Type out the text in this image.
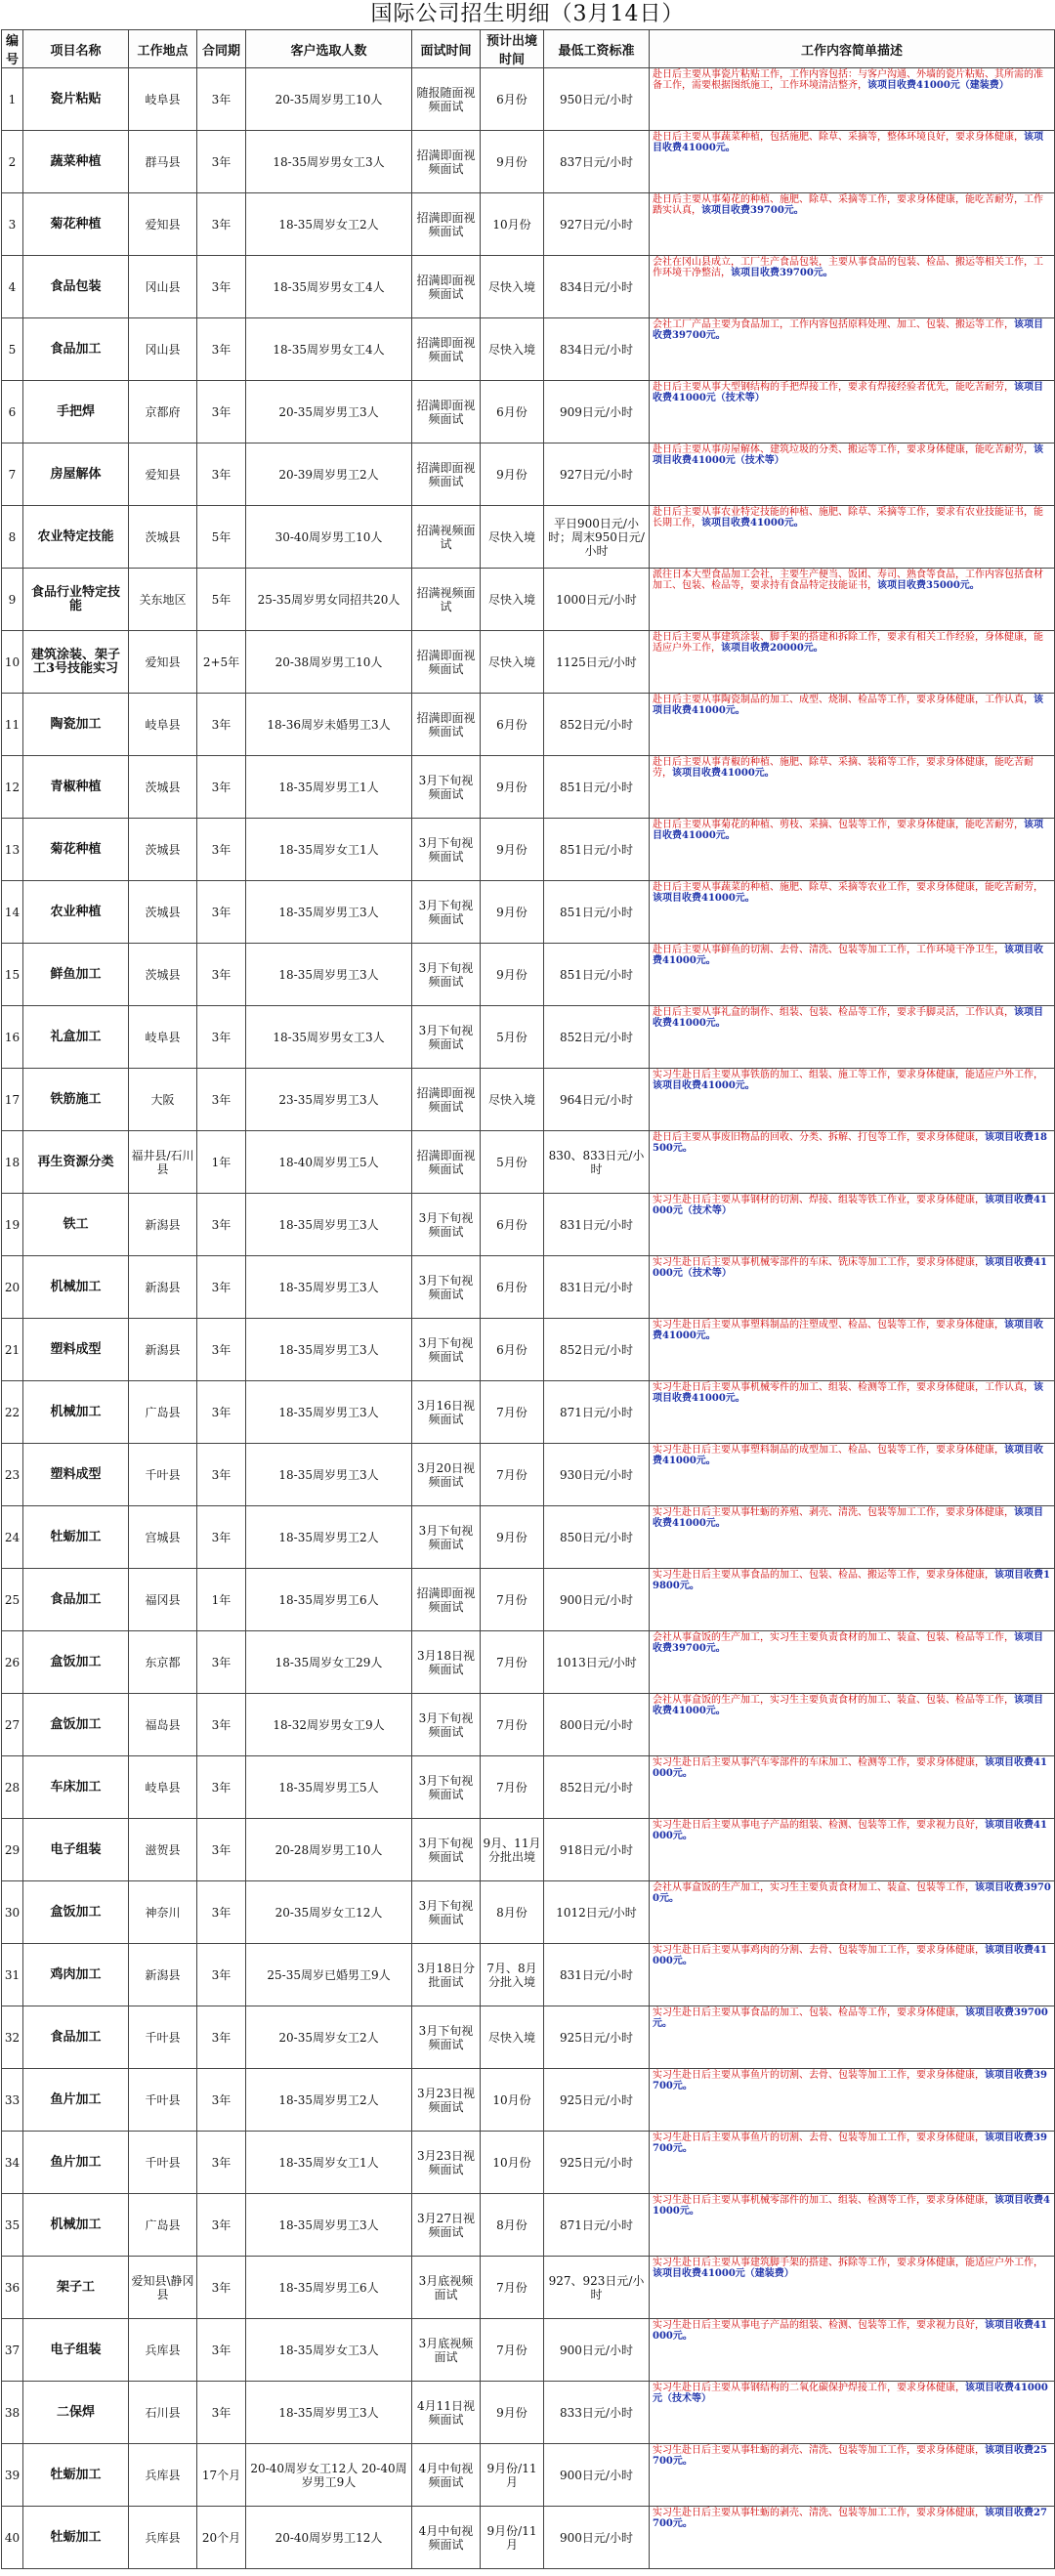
国际公司招生明细（3月14日）
编号	项目名称	工作地点	合同期	客户选取人数	面试时间	预计出境时间	最低工资标准	工作内容简单描述
1	瓷片粘贴	岐阜县	3年	20-35周岁男工10人	随报随面视频面试	6月份	950日元/小时	赴日后主要从事瓷片粘贴工作，工作内容包括：与客户沟通、外墙的瓷片粘贴、其所需的准备工作，需要根据图纸施工，工作环境清洁整齐，该项目收费41000元（建装费）
2	蔬菜种植	群马县	3年	18-35周岁男女工3人	招满即面视频面试	9月份	837日元/小时	赴日后主要从事蔬菜种植，包括施肥、除草、采摘等，整体环境良好，要求身体健康，该项目收费41000元。
3	菊花种植	爱知县	3年	18-35周岁女工2人	招满即面视频面试	10月份	927日元/小时	赴日后主要从事菊花的种植、施肥、除草、采摘等工作，要求身体健康，能吃苦耐劳，工作踏实认真，该项目收费39700元。
4	食品包装	冈山县	3年	18-35周岁男女工4人	招满即面视频面试	尽快入境	834日元/小时	会社在冈山县成立，工厂生产食品包装，主要从事食品的包装、检品、搬运等相关工作，工作环境干净整洁，该项目收费39700元。
5	食品加工	冈山县	3年	18-35周岁男女工4人	招满即面视频面试	尽快入境	834日元/小时	会社工厂产品主要为食品加工，工作内容包括原料处理、加工、包装、搬运等工作，该项目收费39700元。
6	手把焊	京都府	3年	20-35周岁男工3人	招满即面视频面试	6月份	909日元/小时	赴日后主要从事大型钢结构的手把焊接工作，要求有焊接经验者优先，能吃苦耐劳，该项目收费41000元（技术等）
7	房屋解体	爱知县	3年	20-39周岁男工2人	招满即面视频面试	9月份	927日元/小时	赴日后主要从事房屋解体、建筑垃圾的分类、搬运等工作，要求身体健康，能吃苦耐劳，该项目收费41000元（技术等）
8	农业特定技能	茨城县	5年	30-40周岁男工10人	招满视频面试	尽快入境	平日900日元/小时；周末950日元/小时	赴日后主要从事农业特定技能的种植、施肥、除草、采摘等工作，要求有农业技能证书，能长期工作，该项目收费41000元。
9	食品行业特定技能	关东地区	5年	25-35周岁男女同招共20人	招满视频面试	尽快入境	1000日元/小时	派往日本大型食品加工会社，主要生产便当、饭团、寿司、熟食等食品，工作内容包括食材加工、包装、检品等，要求持有食品特定技能证书，该项目收费35000元。
10	建筑涂装、架子工3号技能实习	爱知县	2+5年	20-38周岁男工10人	招满即面视频面试	尽快入境	1125日元/小时	赴日后主要从事建筑涂装、脚手架的搭建和拆除工作，要求有相关工作经验，身体健康，能适应户外工作，该项目收费20000元。
11	陶瓷加工	岐阜县	3年	18-36周岁未婚男工3人	招满即面视频面试	6月份	852日元/小时	赴日后主要从事陶瓷制品的加工、成型、烧制、检品等工作，要求身体健康，工作认真，该项目收费41000元。
12	青椒种植	茨城县	3年	18-35周岁男工1人	3月下旬视频面试	9月份	851日元/小时	赴日后主要从事青椒的种植、施肥、除草、采摘、装箱等工作，要求身体健康，能吃苦耐劳，该项目收费41000元。
13	菊花种植	茨城县	3年	18-35周岁女工1人	3月下旬视频面试	9月份	851日元/小时	赴日后主要从事菊花的种植、剪枝、采摘、包装等工作，要求身体健康，能吃苦耐劳，该项目收费41000元。
14	农业种植	茨城县	3年	18-35周岁男工3人	3月下旬视频面试	9月份	851日元/小时	赴日后主要从事蔬菜的种植、施肥、除草、采摘等农业工作，要求身体健康，能吃苦耐劳，该项目收费41000元。
15	鲜鱼加工	茨城县	3年	18-35周岁男工3人	3月下旬视频面试	9月份	851日元/小时	赴日后主要从事鲜鱼的切割、去骨、清洗、包装等加工工作，工作环境干净卫生，该项目收费41000元。
16	礼盒加工	岐阜县	3年	18-35周岁男女工3人	3月下旬视频面试	5月份	852日元/小时	赴日后主要从事礼盒的制作、组装、包装、检品等工作，要求手脚灵活，工作认真，该项目收费41000元。
17	铁筋施工	大阪	3年	23-35周岁男工3人	招满即面视频面试	尽快入境	964日元/小时	实习生赴日后主要从事铁筋的加工、组装、施工等工作，要求身体健康，能适应户外工作，该项目收费41000元。
18	再生资源分类	福井县/石川县	1年	18-40周岁男工5人	招满即面视频面试	5月份	830、833日元/小时	赴日后主要从事废旧物品的回收、分类、拆解、打包等工作，要求身体健康，该项目收费18500元。
19	铁工	新潟县	3年	18-35周岁男工3人	3月下旬视频面试	6月份	831日元/小时	实习生赴日后主要从事钢材的切割、焊接、组装等铁工作业，要求身体健康，该项目收费41000元（技术等）
20	机械加工	新潟县	3年	18-35周岁男工3人	3月下旬视频面试	6月份	831日元/小时	实习生赴日后主要从事机械零部件的车床、铣床等加工工作，要求身体健康，该项目收费41000元（技术等）
21	塑料成型	新潟县	3年	18-35周岁男工3人	3月下旬视频面试	6月份	852日元/小时	实习生赴日后主要从事塑料制品的注塑成型、检品、包装等工作，要求身体健康，该项目收费41000元。
22	机械加工	广岛县	3年	18-35周岁男工3人	3月16日视频面试	7月份	871日元/小时	实习生赴日后主要从事机械零件的加工、组装、检测等工作，要求身体健康，工作认真，该项目收费41000元。
23	塑料成型	千叶县	3年	18-35周岁男工3人	3月20日视频面试	7月份	930日元/小时	实习生赴日后主要从事塑料制品的成型加工、检品、包装等工作，要求身体健康，该项目收费41000元。
24	牡蛎加工	宫城县	3年	18-35周岁男工2人	3月下旬视频面试	9月份	850日元/小时	实习生赴日后主要从事牡蛎的养殖、剥壳、清洗、包装等加工工作，要求身体健康，该项目收费41000元。
25	食品加工	福冈县	1年	18-35周岁男工6人	招满即面视频面试	7月份	900日元/小时	实习生赴日后主要从事食品的加工、包装、检品、搬运等工作，要求身体健康，该项目收费19800元。
26	盒饭加工	东京都	3年	18-35周岁女工29人	3月18日视频面试	7月份	1013日元/小时	会社从事盒饭的生产加工，实习生主要负责食材的加工、装盒、包装、检品等工作，该项目收费39700元。
27	盒饭加工	福岛县	3年	18-32周岁男女工9人	3月下旬视频面试	7月份	800日元/小时	会社从事盒饭的生产加工，实习生主要负责食材的加工、装盒、包装、检品等工作，该项目收费41000元。
28	车床加工	岐阜县	3年	18-35周岁男工5人	3月下旬视频面试	7月份	852日元/小时	实习生赴日后主要从事汽车零部件的车床加工、检测等工作，要求身体健康，该项目收费41000元。
29	电子组装	滋贺县	3年	20-28周岁男工10人	3月下旬视频面试	9月、11月分批出境	918日元/小时	实习生赴日后主要从事电子产品的组装、检测、包装等工作，要求视力良好，该项目收费41000元。
30	盒饭加工	神奈川	3年	20-35周岁女工12人	3月下旬视频面试	8月份	1012日元/小时	会社从事盒饭的生产加工，实习生主要负责食材加工、装盒、包装等工作，该项目收费39700元。
31	鸡肉加工	新潟县	3年	25-35周岁已婚男工9人	3月18日分批面试	7月、8月分批入境	831日元/小时	实习生赴日后主要从事鸡肉的分割、去骨、包装等加工工作，要求身体健康，该项目收费41000元。
32	食品加工	千叶县	3年	20-35周岁女工2人	3月下旬视频面试	尽快入境	925日元/小时	实习生赴日后主要从事食品的加工、包装、检品等工作，要求身体健康，该项目收费39700元。
33	鱼片加工	千叶县	3年	18-35周岁男工2人	3月23日视频面试	10月份	925日元/小时	实习生赴日后主要从事鱼片的切割、去骨、包装等加工工作，要求身体健康，该项目收费39700元。
34	鱼片加工	千叶县	3年	18-35周岁女工1人	3月23日视频面试	10月份	925日元/小时	实习生赴日后主要从事鱼片的切割、去骨、包装等加工工作，要求身体健康，该项目收费39700元。
35	机械加工	广岛县	3年	18-35周岁男工3人	3月27日视频面试	8月份	871日元/小时	实习生赴日后主要从事机械零部件的加工、组装、检测等工作，要求身体健康，该项目收费41000元。
36	架子工	爱知县\静冈县	3年	18-35周岁男工6人	3月底视频面试	7月份	927、923日元/小时	实习生赴日后主要从事建筑脚手架的搭建、拆除等工作，要求身体健康，能适应户外工作，该项目收费41000元（建装费）
37	电子组装	兵库县	3年	18-35周岁女工3人	3月底视频面试	7月份	900日元/小时	实习生赴日后主要从事电子产品的组装、检测、包装等工作，要求视力良好，该项目收费41000元。
38	二保焊	石川县	3年	18-35周岁男工3人	4月11日视频面试	9月份	833日元/小时	实习生赴日后主要从事钢结构的二氧化碳保护焊接工作，要求身体健康，该项目收费41000元（技术等）
39	牡蛎加工	兵库县	17个月	20-40周岁女工12人 20-40周岁男工9人	4月中旬视频面试	9月份/11月	900日元/小时	实习生赴日后主要从事牡蛎的剥壳、清洗、包装等加工工作，要求身体健康，该项目收费25700元。
40	牡蛎加工	兵库县	20个月	20-40周岁男工12人	4月中旬视频面试	9月份/11月	900日元/小时	实习生赴日后主要从事牡蛎的剥壳、清洗、包装等加工工作，要求身体健康，该项目收费27700元。
